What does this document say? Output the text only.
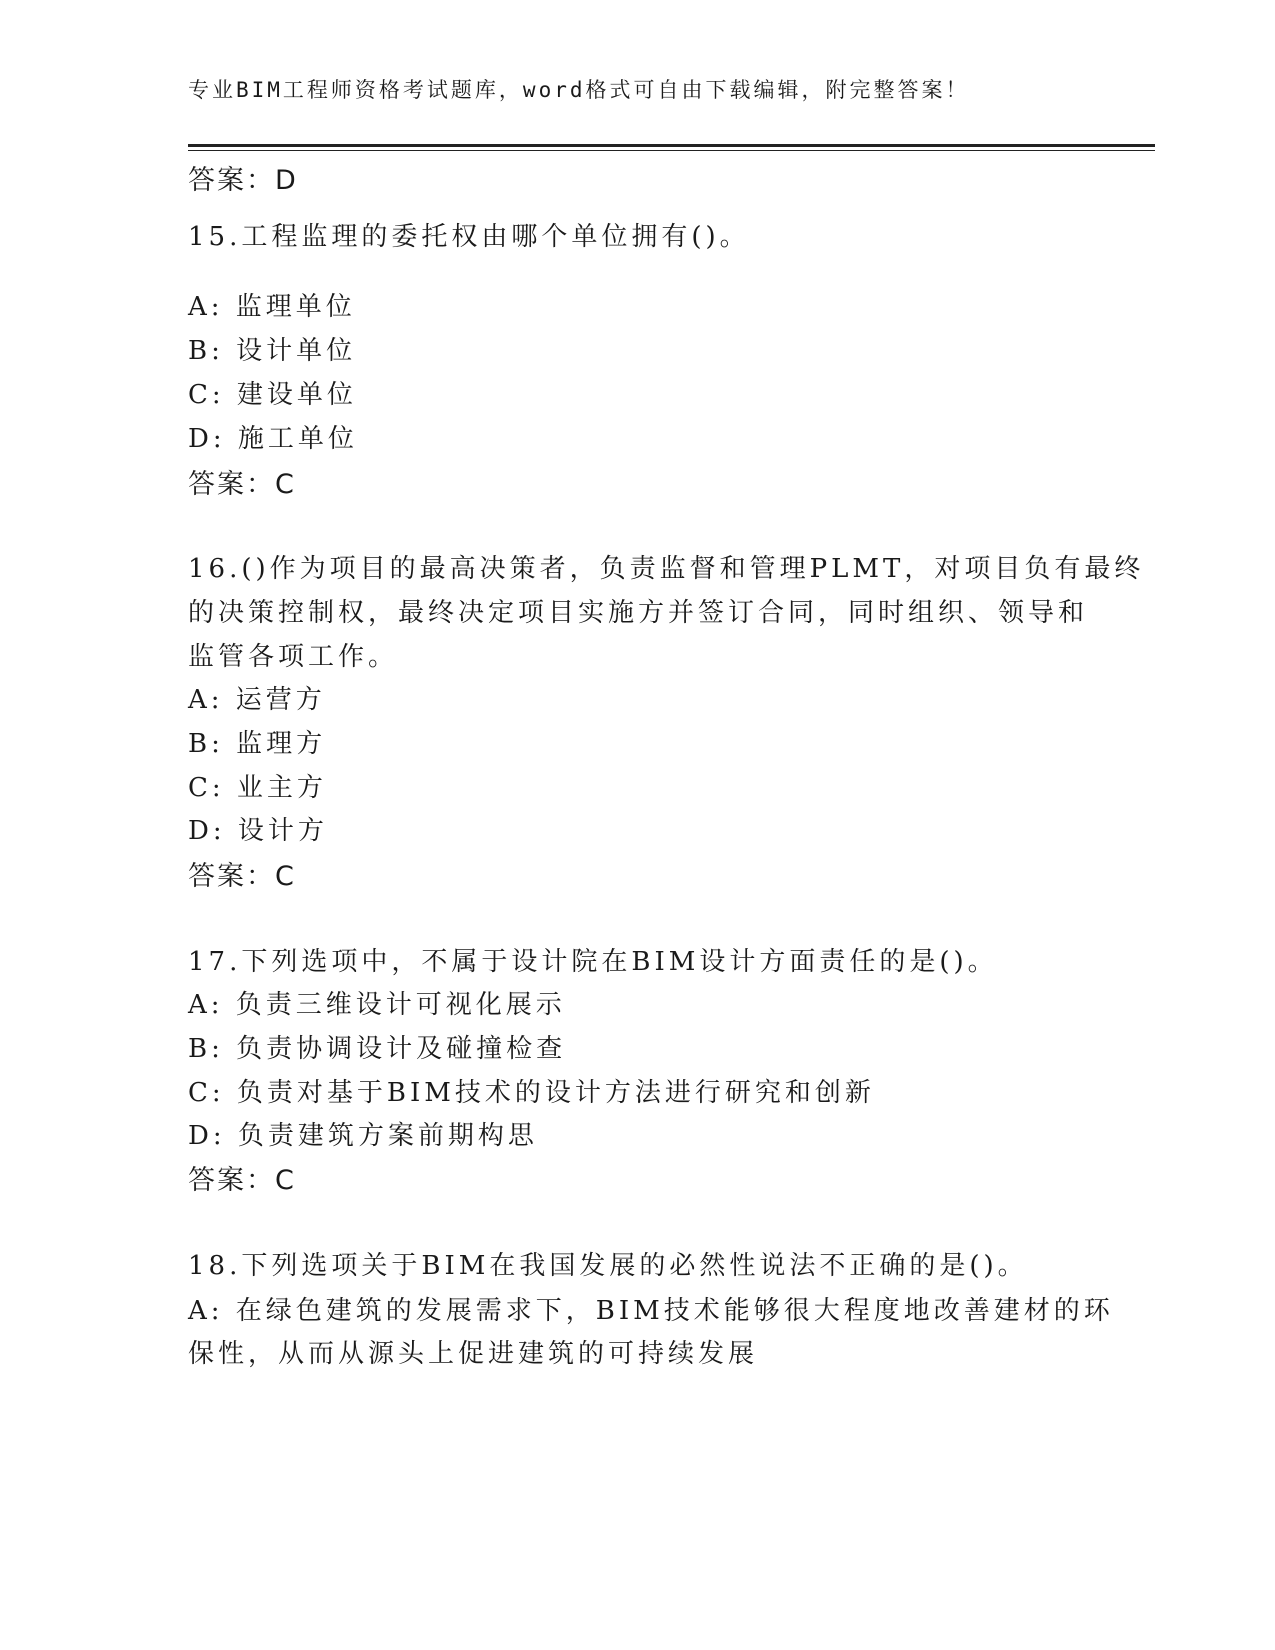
专业BIM工程师资格考试题库，word格式可自由下载编辑，附完整答案！
答案：D
15.工程监理的委托权由哪个单位拥有()。
A: 监理单位
B: 设计单位
C: 建设单位
D: 施工单位
答案：C
16.()作为项目的最高决策者，负责监督和管理PLMT，对项目负有最终
的决策控制权，最终决定项目实施方并签订合同，同时组织、领导和
监管各项工作。
A: 运营方
B: 监理方
C: 业主方
D: 设计方
答案：C
17.下列选项中，不属于设计院在BIM设计方面责任的是()。
A: 负责三维设计可视化展示
B: 负责协调设计及碰撞检查
C: 负责对基于BIM技术的设计方法进行研究和创新
D: 负责建筑方案前期构思
答案：C
18.下列选项关于BIM在我国发展的必然性说法不正确的是()。
A: 在绿色建筑的发展需求下，BIM技术能够很大程度地改善建材的环
保性，从而从源头上促进建筑的可持续发展
